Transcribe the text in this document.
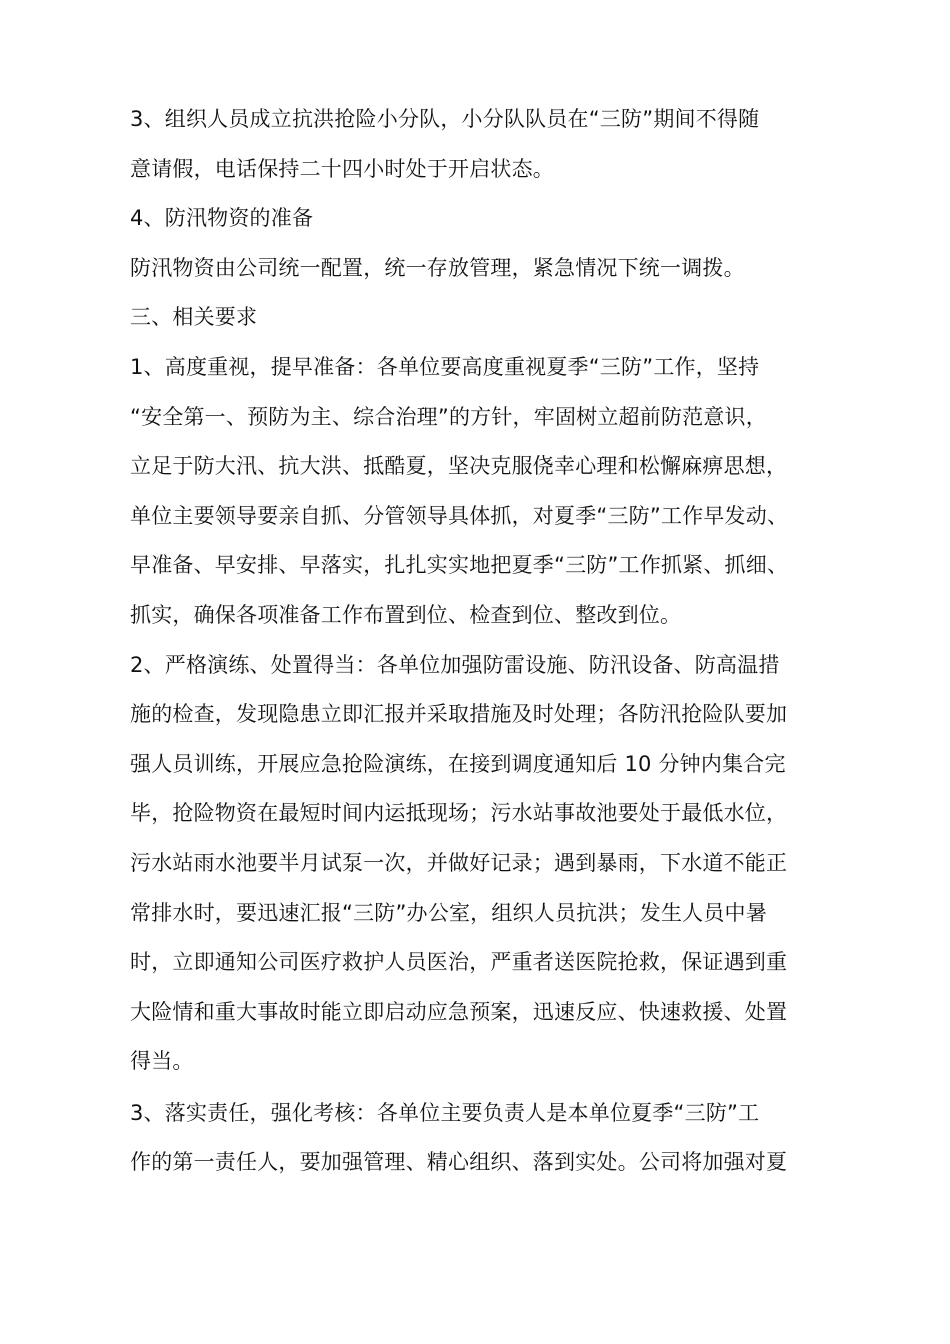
3、组织人员成立抗洪抢险小分队，小分队队员在“三防”期间不得随
意请假，电话保持二十四小时处于开启状态。
4、防汛物资的准备
防汛物资由公司统一配置，统一存放管理，紧急情况下统一调拨。
三、相关要求
1、高度重视，提早准备：各单位要高度重视夏季“三防”工作，坚持
“安全第一、预防为主、综合治理”的方针，牢固树立超前防范意识，
立足于防大汛、抗大洪、抵酷夏，坚决克服侥幸心理和松懈麻痹思想，
单位主要领导要亲自抓、分管领导具体抓，对夏季“三防”工作早发动、
早准备、早安排、早落实，扎扎实实地把夏季“三防”工作抓紧、抓细、
抓实，确保各项准备工作布置到位、检查到位、整改到位。
2、严格演练、处置得当：各单位加强防雷设施、防汛设备、防高温措
施的检查，发现隐患立即汇报并采取措施及时处理；各防汛抢险队要加
强人员训练，开展应急抢险演练，在接到调度通知后 10 分钟内集合完
毕，抢险物资在最短时间内运抵现场；污水站事故池要处于最低水位，
污水站雨水池要半月试泵一次，并做好记录；遇到暴雨，下水道不能正
常排水时，要迅速汇报“三防”办公室，组织人员抗洪；发生人员中暑
时，立即通知公司医疗救护人员医治，严重者送医院抢救，保证遇到重
大险情和重大事故时能立即启动应急预案，迅速反应、快速救援、处置
得当。
3、落实责任，强化考核：各单位主要负责人是本单位夏季“三防”工
作的第一责任人，要加强管理、精心组织、落到实处。公司将加强对夏
